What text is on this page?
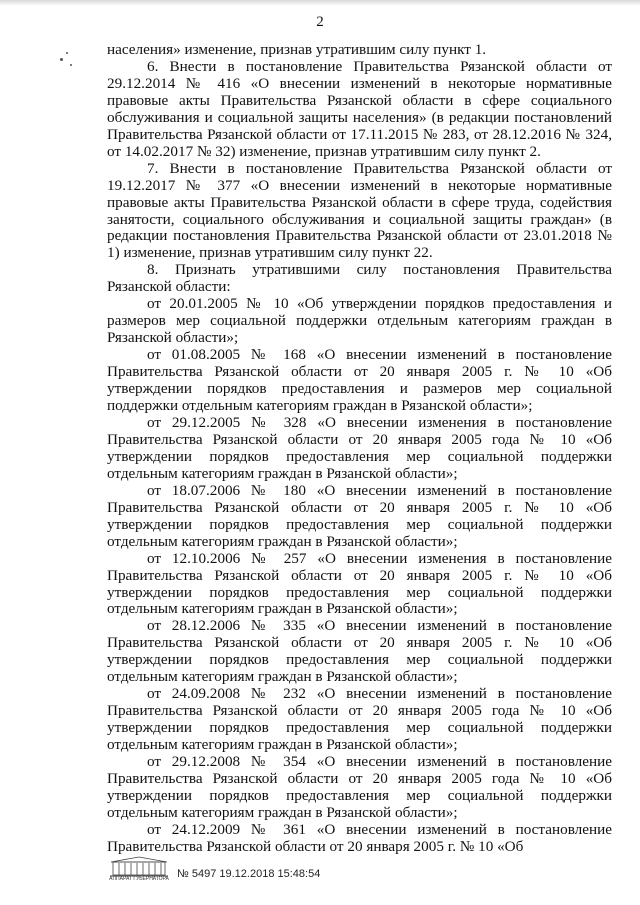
2

населения» изменение, признав утратившим силу пункт 1.

6. Внести в постановление Правительства Рязанской области от 29.12.2014 № 416 «О внесении изменений в некоторые нормативные правовые акты Правительства Рязанской области в сфере социального обслуживания и социальной защиты населения» (в редакции постановлений Правительства Рязанской области от 17.11.2015 № 283, от 28.12.2016 № 324, от 14.02.2017 № 32) изменение, признав утратившим силу пункт 2.

7. Внести в постановление Правительства Рязанской области от 19.12.2017 № 377 «О внесении изменений в некоторые нормативные правовые акты Правительства Рязанской области в сфере труда, содействия занятости, социального обслуживания и социальной защиты граждан» (в редакции постановления Правительства Рязанской области от 23.01.2018 № 1) изменение, признав утратившим силу пункт 22.

8. Признать утратившими силу постановления Правительства Рязанской области:

от 20.01.2005 № 10 «Об утверждении порядков предоставления и размеров мер социальной поддержки отдельным категориям граждан в Рязанской области»;

от 01.08.2005 № 168 «О внесении изменений в постановление Правительства Рязанской области от 20 января 2005 г. № 10 «Об утверждении порядков предоставления и размеров мер социальной поддержки отдельным категориям граждан в Рязанской области»;

от 29.12.2005 № 328 «О внесении изменения в постановление Правительства Рязанской области от 20 января 2005 года № 10 «Об утверждении порядков предоставления мер социальной поддержки отдельным категориям граждан в Рязанской области»;

от 18.07.2006 № 180 «О внесении изменений в постановление Правительства Рязанской области от 20 января 2005 г. № 10 «Об утверждении порядков предоставления мер социальной поддержки отдельным категориям граждан в Рязанской области»;

от 12.10.2006 № 257 «О внесении изменения в постановление Правительства Рязанской области от 20 января 2005 г. № 10 «Об утверждении порядков предоставления мер социальной поддержки отдельным категориям граждан в Рязанской области»;

от 28.12.2006 № 335 «О внесении изменений в постановление Правительства Рязанской области от 20 января 2005 г. № 10 «Об утверждении порядков предоставления мер социальной поддержки отдельным категориям граждан в Рязанской области»;

от 24.09.2008 № 232 «О внесении изменений в постановление Правительства Рязанской области от 20 января 2005 года № 10 «Об утверждении порядков предоставления мер социальной поддержки отдельным категориям граждан в Рязанской области»;

от 29.12.2008 № 354 «О внесении изменений в постановление Правительства Рязанской области от 20 января 2005 года № 10 «Об утверждении порядков предоставления мер социальной поддержки отдельным категориям граждан в Рязанской области»;

от 24.12.2009 № 361 «О внесении изменений в постановление Правительства Рязанской области от 20 января 2005 г. № 10 «Об

АППАРАТ ГУБЕРНАТОРА № 5497 19.12.2018 15:48:54
